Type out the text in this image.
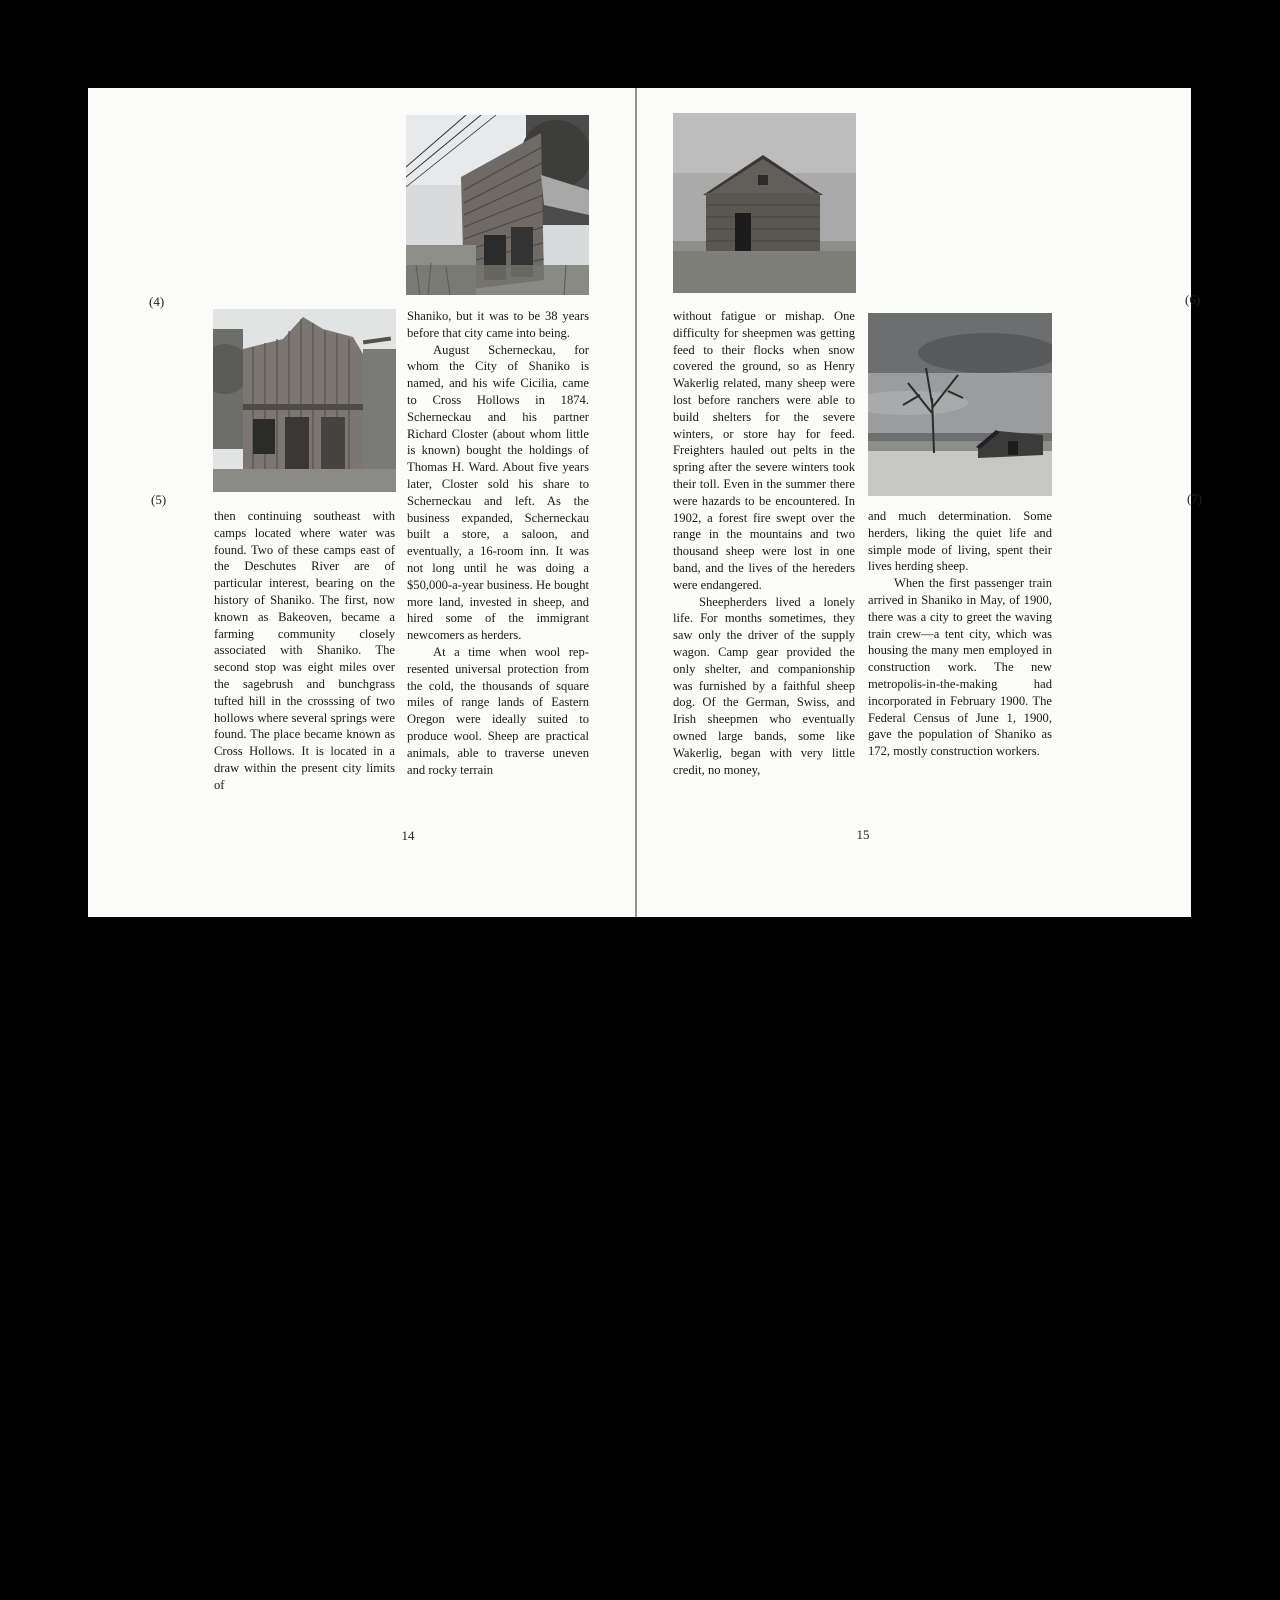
(4)
(5)

then continuing southeast with camps located where water was found. Two of these camps east of the Deschutes River are of particular interest, bearing on the history of Shaniko. The first, now known as Bakeoven, became a farming community closely associated with Shaniko. The second stop was eight miles over the sagebrush and bunchgrass tufted hill in the crosssing of two hollows where several springs were found. The place became known as Cross Hollows. It is located in a draw within the present city limits of

Shaniko, but it was to be 38 years before that city came into being.

August Scherneckau, for whom the City of Shaniko is named, and his wife Cicilia, came to Cross Hollows in 1874. Scherneckau and his partner Richard Closter (about whom little is known) bought the holdings of Thomas H. Ward. About five years later, Closter sold his share to Scherneckau and left. As the business expanded, Scherneckau built a store, a saloon, and eventually, a 16-room inn. It was not long until he was doing a $50,000-a-year business. He bought more land, invested in sheep, and hired some of the immigrant newcomers as herders.

At a time when wool represented universal protection from the cold, the thousands of square miles of range lands of Eastern Oregon were ideally suited to produce wool. Sheep are practical animals, able to traverse uneven and rocky terrain

14
(6)
(7)

without fatigue or mishap. One difficulty for sheepmen was getting feed to their flocks when snow covered the ground, so as Henry Wakerlig related, many sheep were lost before ranchers were able to build shelters for the severe winters, or store hay for feed. Freighters hauled out pelts in the spring after the severe winters took their toll. Even in the summer there were hazards to be encountered. In 1902, a forest fire swept over the range in the mountains and two thousand sheep were lost in one band, and the lives of the hereders were endangered.

Sheepherders lived a lonely life. For months sometimes, they saw only the driver of the supply wagon. Camp gear provided the only shelter, and companionship was furnished by a faithful sheep dog. Of the German, Swiss, and Irish sheepmen who eventually owned large bands, some like Wakerlig, began with very little credit, no money,

and much determination. Some herders, liking the quiet life and simple mode of living, spent their lives herding sheep.

When the first passenger train arrived in Shaniko in May, of 1900, there was a city to greet the waving train crew—a tent city, which was housing the many men employed in construction work. The new metropolis-in-the-making had incorporated in February 1900. The Federal Census of June 1, 1900, gave the population of Shaniko as 172, mostly construction workers.

15
